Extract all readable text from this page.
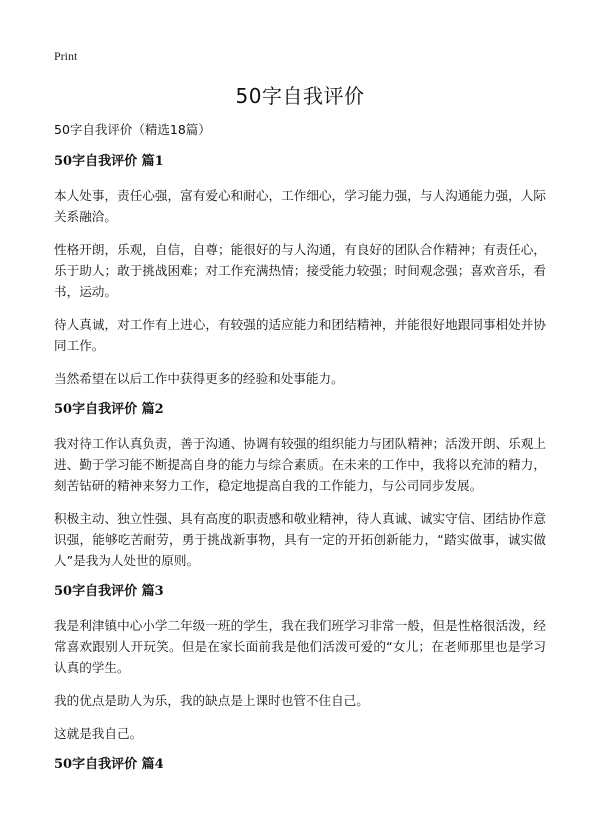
Print
50字自我评价

50字自我评价（精选18篇）

50字自我评价 篇1

本人处事，责任心强，富有爱心和耐心，工作细心，学习能力强，与人沟通能力强，人际关系融洽。

性格开朗，乐观，自信，自尊；能很好的与人沟通，有良好的团队合作精神；有责任心，乐于助人；敢于挑战困难；对工作充满热情；接受能力较强；时间观念强；喜欢音乐，看书，运动。

待人真诚，对工作有上进心，有较强的适应能力和团结精神，并能很好地跟同事相处并协同工作。

当然希望在以后工作中获得更多的经验和处事能力。

50字自我评价 篇2

我对待工作认真负责，善于沟通、协调有较强的组织能力与团队精神；活泼开朗、乐观上进、勤于学习能不断提高自身的能力与综合素质。在未来的工作中，我将以充沛的精力，刻苦钻研的精神来努力工作，稳定地提高自我的工作能力，与公司同步发展。

积极主动、独立性强、具有高度的职责感和敬业精神，待人真诚、诚实守信、团结协作意识强，能够吃苦耐劳，勇于挑战新事物，具有一定的开拓创新能力，“踏实做事，诚实做人”是我为人处世的原则。

50字自我评价 篇3

我是利津镇中心小学二年级一班的学生，我在我们班学习非常一般，但是性格很活泼，经常喜欢跟别人开玩笑。但是在家长面前我是他们活泼可爱的“女儿；在老师那里也是学习认真的学生。

我的优点是助人为乐，我的缺点是上课时也管不住自己。

这就是我自己。

50字自我评价 篇4
